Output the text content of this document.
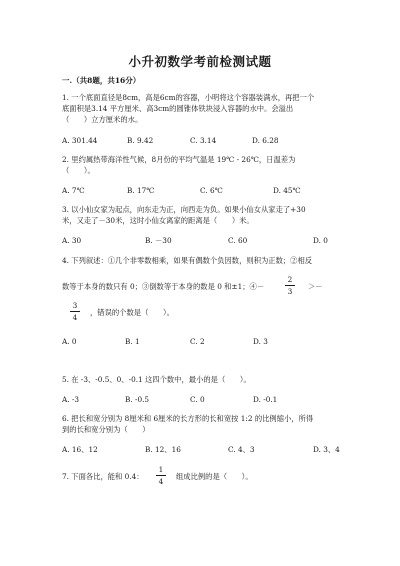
小升初数学考前检测试题
一.（共8题，共16分）
1. 一个底面直径是8cm，高是6cm的容器，小明将这个容器装满水，再把一个
底面积是3.14 平方厘米、高3cm的圆锥体铁块浸入容器的水中。会溢出
（　　）立方厘米的水。
A. 301.44	B. 9.42	C. 3.14	D. 6.28
2. 里约属热带海洋性气候，8月份的平均气温是 19℃ - 26℃，日温差为
（　　）。
A. 7℃	B. 17℃	C. 6℃	D. 45℃
3. 以小仙女家为起点，向东走为正，向西走为负。如果小仙女从家走了+30
米，又走了－30米，这时小仙女离家的距离是（　　）米。
A. 30	B. －30	C. 60	D. 0
4. 下列叙述：①几个非零数相乘，如果有偶数个负因数，则积为正数；②相反
数等于本身的数只有 0；③倒数等于本身的数是 0 和±1；④－
2
3
＞－
3
4
，错误的个数是（　　）。
A. 0	B. 1	C. 2	D. 3
5. 在 -3、-0.5、0、-0.1 这四个数中，最小的是（　　）。
A. -3	B. -0.5	C. 0	D. -0.1
6. 把长和宽分别为 8厘米和 6厘米的长方形的长和宽按 1:2 的比例缩小，所得
到的长和宽分别为（　　）
A. 16、12	B. 12、16	C. 4、3	D. 3、4
7. 下面各比，能和 0.4：
1
4
组成比例的是（　　）。
